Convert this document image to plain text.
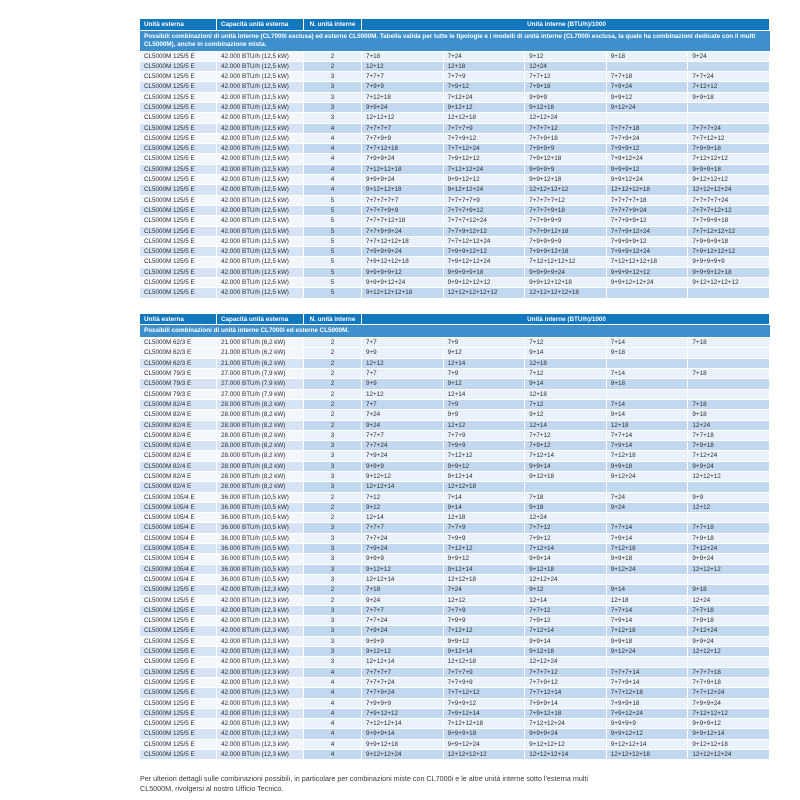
Unità esterna	Capacità unità esterna	N. unità interne	Unità interne (BTU/h)/1000
Possibili combinazioni di unità interne (CL7000i esclusa) ed esterne CL5000M. Tabella valida per tutte le tipologie e i modelli di unità interne (CL7000i esclusa, la quale ha combinazioni dedicate con il multi CL5000M), anche in combinazione mista.
CL5000M 125/5 E	42.000 BTU/h (12,5 kW)	2	7+18	7+24	9+12	9+18	9+24
CL5000M 125/5 E	42.000 BTU/h (12,5 kW)	2	12+12	12+18	12+24
CL5000M 125/5 E	42.000 BTU/h (12,5 kW)	3	7+7+7	7+7+9	7+7+12	7+7+18	7+7+24
CL5000M 125/5 E	42.000 BTU/h (12,5 kW)	3	7+9+9	7+9+12	7+9+18	7+9+24	7+12+12
CL5000M 125/5 E	42.000 BTU/h (12,5 kW)	3	7+12+18	7+12+24	9+9+9	9+9+12	9+9+18
CL5000M 125/5 E	42.000 BTU/h (12,5 kW)	3	9+9+24	9+12+12	9+12+18	9+12+24
CL5000M 125/5 E	42.000 BTU/h (12,5 kW)	3	12+12+12	12+12+18	12+12+24
CL5000M 125/5 E	42.000 BTU/h (12,5 kW)	4	7+7+7+7	7+7+7+9	7+7+7+12	7+7+7+18	7+7+7+24
CL5000M 125/5 E	42.000 BTU/h (12,5 kW)	4	7+7+9+9	7+7+9+12	7+7+9+18	7+7+9+24	7+7+12+12
CL5000M 125/5 E	42.000 BTU/h (12,5 kW)	4	7+7+12+18	7+7+12+24	7+9+9+9	7+9+9+12	7+9+9+18
CL5000M 125/5 E	42.000 BTU/h (12,5 kW)	4	7+9+9+24	7+9+12+12	7+9+12+18	7+9+12+24	7+12+12+12
CL5000M 125/5 E	42.000 BTU/h (12,5 kW)	4	7+12+12+18	7+12+12+24	9+9+9+9	9+9+9+12	9+9+9+18
CL5000M 125/5 E	42.000 BTU/h (12,5 kW)	4	9+9+9+24	9+9+12+12	9+9+12+18	9+9+12+24	9+12+12+12
CL5000M 125/5 E	42.000 BTU/h (12,5 kW)	4	9+12+12+18	9+12+12+24	12+12+12+12	12+12+12+18	12+12+12+24
CL5000M 125/5 E	42.000 BTU/h (12,5 kW)	5	7+7+7+7+7	7+7+7+7+9	7+7+7+7+12	7+7+7+7+18	7+7+7+7+24
CL5000M 125/5 E	42.000 BTU/h (12,5 kW)	5	7+7+7+9+9	7+7+7+9+12	7+7+7+9+18	7+7+7+9+24	7+7+7+12+12
CL5000M 125/5 E	42.000 BTU/h (12,5 kW)	5	7+7+7+12+18	7+7+7+12+24	7+7+9+9+9	7+7+9+9+12	7+7+9+9+18
CL5000M 125/5 E	42.000 BTU/h (12,5 kW)	5	7+7+9+9+24	7+7+9+12+12	7+7+9+12+18	7+7+9+12+24	7+7+12+12+12
CL5000M 125/5 E	42.000 BTU/h (12,5 kW)	5	7+7+12+12+18	7+7+12+12+24	7+9+9+9+9	7+9+9+9+12	7+9+9+9+18
CL5000M 125/5 E	42.000 BTU/h (12,5 kW)	5	7+9+9+9+24	7+9+9+12+12	7+9+9+12+18	7+9+9+12+24	7+9+12+12+12
CL5000M 125/5 E	42.000 BTU/h (12,5 kW)	5	7+9+12+12+18	7+9+12+12+24	7+12+12+12+12	7+12+12+12+18	9+9+9+9+9
CL5000M 125/5 E	42.000 BTU/h (12,5 kW)	5	9+9+9+9+12	9+9+9+9+18	9+9+9+9+24	9+9+9+12+12	9+9+9+12+18
CL5000M 125/5 E	42.000 BTU/h (12,5 kW)	5	9+9+9+12+24	9+9+12+12+12	9+9+12+12+18	9+9+12+12+24	9+12+12+12+12
CL5000M 125/5 E	42.000 BTU/h (12,5 kW)	5	9+12+12+12+18	12+12+12+12+12	12+12+12+12+18
Unità esterna	Capacità unità esterna	N. unità interne	Unità interne (BTU/h)/1000
Possibili combinazioni di unità interne CL7000i ed esterne CL5000M.
CL5000M 62/3 E	21.000 BTU/h (6,2 kW)	2	7+7	7+9	7+12	7+14	7+18
CL5000M 62/3 E	21.000 BTU/h (6,2 kW)	2	9+9	9+12	9+14	9+18
CL5000M 62/3 E	21.000 BTU/h (6,2 kW)	2	12+12	12+14	12+18
CL5000M 79/3 E	27.000 BTU/h (7,9 kW)	2	7+7	7+9	7+12	7+14	7+18
CL5000M 79/3 E	27.000 BTU/h (7,9 kW)	2	9+9	9+12	9+14	9+18
CL5000M 79/3 E	27.000 BTU/h (7,9 kW)	2	12+12	12+14	12+18
CL5000M 82/4 E	28.000 BTU/h (8,2 kW)	2	7+7	7+9	7+12	7+14	7+18
CL5000M 82/4 E	28.000 BTU/h (8,2 kW)	2	7+24	9+9	9+12	9+14	9+18
CL5000M 82/4 E	28.000 BTU/h (8,2 kW)	2	9+24	12+12	12+14	12+18	12+24
CL5000M 82/4 E	28.000 BTU/h (8,2 kW)	3	7+7+7	7+7+9	7+7+12	7+7+14	7+7+18
CL5000M 82/4 E	28.000 BTU/h (8,2 kW)	3	7+7+24	7+9+9	7+9+12	7+9+14	7+9+18
CL5000M 82/4 E	28.000 BTU/h (8,2 kW)	3	7+9+24	7+12+12	7+12+14	7+12+18	7+12+24
CL5000M 82/4 E	28.000 BTU/h (8,2 kW)	3	9+9+9	9+9+12	9+9+14	9+9+18	9+9+24
CL5000M 82/4 E	28.000 BTU/h (8,2 kW)	3	9+12+12	9+12+14	9+12+18	9+12+24	12+12+12
CL5000M 82/4 E	28.000 BTU/h (8,2 kW)	3	12+12+14	12+12+18
CL5000M 105/4 E	36.000 BTU/h (10,5 kW)	2	7+12	7+14	7+18	7+24	9+9
CL5000M 105/4 E	36.000 BTU/h (10,5 kW)	2	9+12	9+14	9+18	9+24	12+12
CL5000M 105/4 E	36.000 BTU/h (10,5 kW)	2	12+14	12+18	12+24
CL5000M 105/4 E	36.000 BTU/h (10,5 kW)	3	7+7+7	7+7+9	7+7+12	7+7+14	7+7+18
CL5000M 105/4 E	36.000 BTU/h (10,5 kW)	3	7+7+24	7+9+9	7+9+12	7+9+14	7+9+18
CL5000M 105/4 E	36.000 BTU/h (10,5 kW)	3	7+9+24	7+12+12	7+12+14	7+12+18	7+12+24
CL5000M 105/4 E	36.000 BTU/h (10,5 kW)	3	9+9+9	9+9+12	9+9+14	9+9+18	9+9+24
CL5000M 105/4 E	36.000 BTU/h (10,5 kW)	3	9+12+12	9+12+14	9+12+18	9+12+24	12+12+12
CL5000M 105/4 E	36.000 BTU/h (10,5 kW)	3	12+12+14	12+12+18	12+12+24
CL5000M 125/5 E	42.000 BTU/h (12,3 kW)	2	7+18	7+24	9+12	9+14	9+18
CL5000M 125/5 E	42.000 BTU/h (12,3 kW)	2	9+24	12+12	12+14	12+18	12+24
CL5000M 125/5 E	42.000 BTU/h (12,3 kW)	3	7+7+7	7+7+9	7+7+12	7+7+14	7+7+18
CL5000M 125/5 E	42.000 BTU/h (12,3 kW)	3	7+7+24	7+9+9	7+9+12	7+9+14	7+9+18
CL5000M 125/5 E	42.000 BTU/h (12,3 kW)	3	7+9+24	7+12+12	7+12+14	7+12+18	7+12+24
CL5000M 125/5 E	42.000 BTU/h (12,3 kW)	3	9+9+9	9+9+12	9+9+14	9+9+18	9+9+24
CL5000M 125/5 E	42.000 BTU/h (12,3 kW)	3	9+12+12	9+12+14	9+12+18	9+12+24	12+12+12
CL5000M 125/5 E	42.000 BTU/h (12,3 kW)	3	12+12+14	12+12+18	12+12+24
CL5000M 125/5 E	42.000 BTU/h (12,3 kW)	4	7+7+7+7	7+7+7+9	7+7+7+12	7+7+7+14	7+7+7+18
CL5000M 125/5 E	42.000 BTU/h (12,3 kW)	4	7+7+7+24	7+7+9+9	7+7+9+12	7+7+9+14	7+7+9+18
CL5000M 125/5 E	42.000 BTU/h (12,3 kW)	4	7+7+9+24	7+7+12+12	7+7+12+14	7+7+12+18	7+7+12+24
CL5000M 125/5 E	42.000 BTU/h (12,3 kW)	4	7+9+9+9	7+9+9+12	7+9+9+14	7+9+9+18	7+9+9+24
CL5000M 125/5 E	42.000 BTU/h (12,3 kW)	4	7+9+12+12	7+9+12+14	7+9+12+18	7+9+12+24	7+12+12+12
CL5000M 125/5 E	42.000 BTU/h (12,3 kW)	4	7+12+12+14	7+12+12+18	7+12+12+24	9+9+9+9	9+9+9+12
CL5000M 125/5 E	42.000 BTU/h (12,3 kW)	4	9+9+9+14	9+9+9+18	9+9+9+24	9+9+12+12	9+9+12+14
CL5000M 125/5 E	42.000 BTU/h (12,3 kW)	4	9+9+12+18	9+9+12+24	9+12+12+12	9+12+12+14	9+12+12+18
CL5000M 125/5 E	42.000 BTU/h (12,3 kW)	4	9+12+12+24	12+12+12+12	12+12+12+14	12+12+12+18	12+12+12+24
Per ulteriori dettagli sulle combinazioni possibili, in particolare per combinazioni miste con CL7000i e le altre unità interne sotto l'esterna multi
CL5000M, rivolgersi al nostro Ufficio Tecnico.
